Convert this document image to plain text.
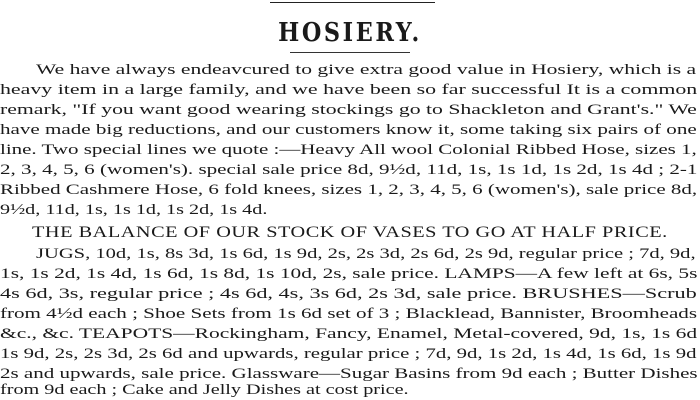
HOSIERY.
We have always endeavcured to give extra good value in Hosiery, which is a
heavy item in a large family, and we have been so far successful It is a common
remark, "If you want good wearing stockings go to Shackleton and Grant's." We
have made big reductions, and our customers know it, some taking six pairs of one
line. Two special lines we quote :—Heavy All wool Colonial Ribbed Hose, sizes 1,
2, 3, 4, 5, 6 (women's). special sale price 8d, 9½d, 11d, 1s, 1s 1d, 1s 2d, 1s 4d ; 2-1
Ribbed Cashmere Hose, 6 fold knees, sizes 1, 2, 3, 4, 5, 6 (women's), sale price 8d,
9½d, 11d, 1s, 1s 1d, 1s 2d, 1s 4d.
THE BALANCE OF OUR STOCK OF VASES TO GO AT HALF PRICE.
JUGS, 10d, 1s, 8s 3d, 1s 6d, 1s 9d, 2s, 2s 3d, 2s 6d, 2s 9d, regular price ; 7d, 9d,
1s, 1s 2d, 1s 4d, 1s 6d, 1s 8d, 1s 10d, 2s, sale price. LAMPS—A few left at 6s, 5s
4s 6d, 3s, regular price ; 4s 6d, 4s, 3s 6d, 2s 3d, sale price. BRUSHES—Scrub
from 4½d each ; Shoe Sets from 1s 6d set of 3 ; Blacklead, Bannister, Broomheads
&c., &c. TEAPOTS—Rockingham, Fancy, Enamel, Metal-covered, 9d, 1s, 1s 6d
1s 9d, 2s, 2s 3d, 2s 6d and upwards, regular price ; 7d, 9d, 1s 2d, 1s 4d, 1s 6d, 1s 9d
2s and upwards, sale price. Glassware—Sugar Basins from 9d each ; Butter Dishes
from 9d each ; Cake and Jelly Dishes at cost price.
